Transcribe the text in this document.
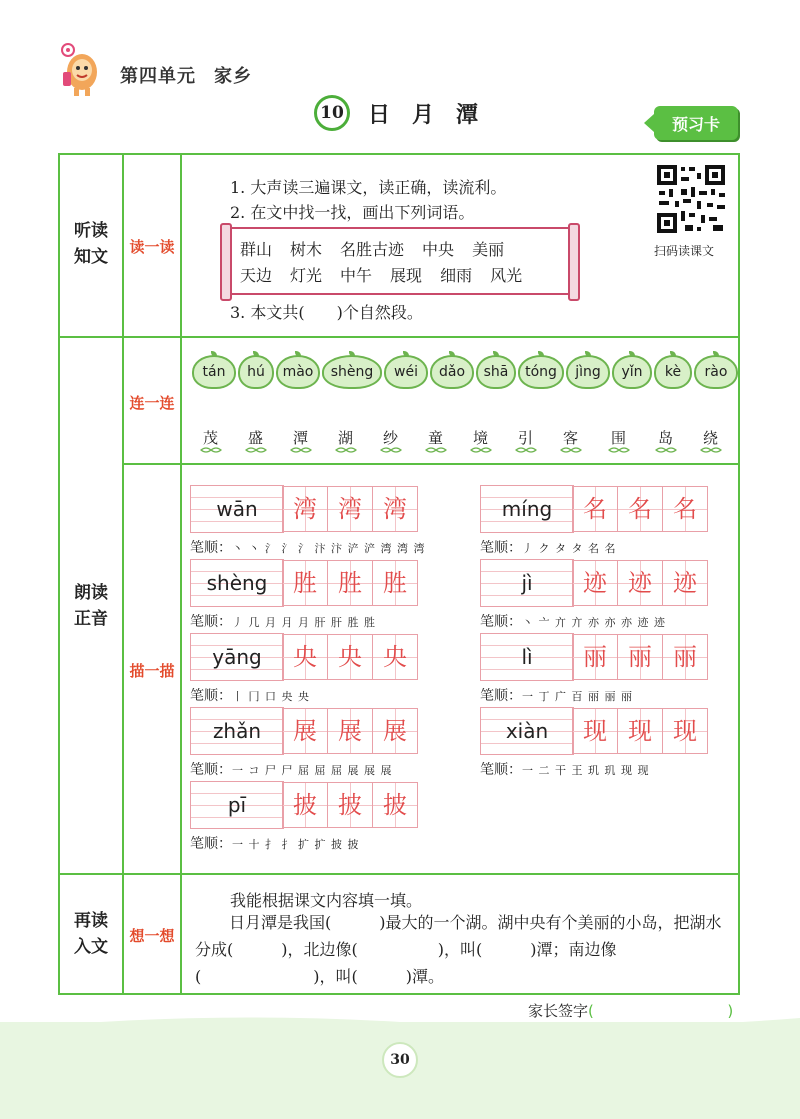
第四单元 家乡
10 日月潭	预习卡
听读
知文	读一读
朗读
正音
连一连
描一描
再读
入文
想一想
1. 大声读三遍课文，读正确，读流利。
2. 在文中找一找，画出下列词语。
群山 树木 名胜古迹 中央 美丽
天边 灯光 中午 展现 细雨 风光
3. 本文共(　　)个自然段。
扫码读课文
tán	hú	mào	shèng	wéi	dǎo	shā	tóng	jìng	yǐn	kè	rào
茂 盛 潭 湖 纱 童 境 引 客 围 岛 绕
wān	湾 湾 湾
笔顺：丶 丶 氵 氵 氵 汴 汴 浐 浐 湾 湾 湾
shèng	胜 胜 胜
笔顺：丿 几 月 月 月 肝 肝 胜 胜
yāng	央 央 央
笔顺：丨 冂 口 央 央
zhǎn	展 展 展
笔顺：一 コ 尸 尸 屈 屈 屈 展 展 展
pī	披 披 披
笔顺：一 十 扌 扌 扩 扩 披 披
míng	名 名 名
笔顺：丿 ク タ タ 名 名
jì	迹 迹 迹
笔顺：丶 亠 亣 亣 亦 亦 亦 迹 迹
lì	丽 丽 丽
笔顺：一 丁 广 百 丽 丽 丽
xiàn	现 现 现
笔顺：一 二 干 王 玑 玑 现 现
我能根据课文内容填一填。
日月潭是我国(　　　)最大的一个湖。湖中央有个美丽的小岛，把湖水分成(　　　)，北边像(　　　　　)，叫(　　　)潭；南边像(　　　　　　　)，叫(　　　)潭。
家长签字(                            )
30
